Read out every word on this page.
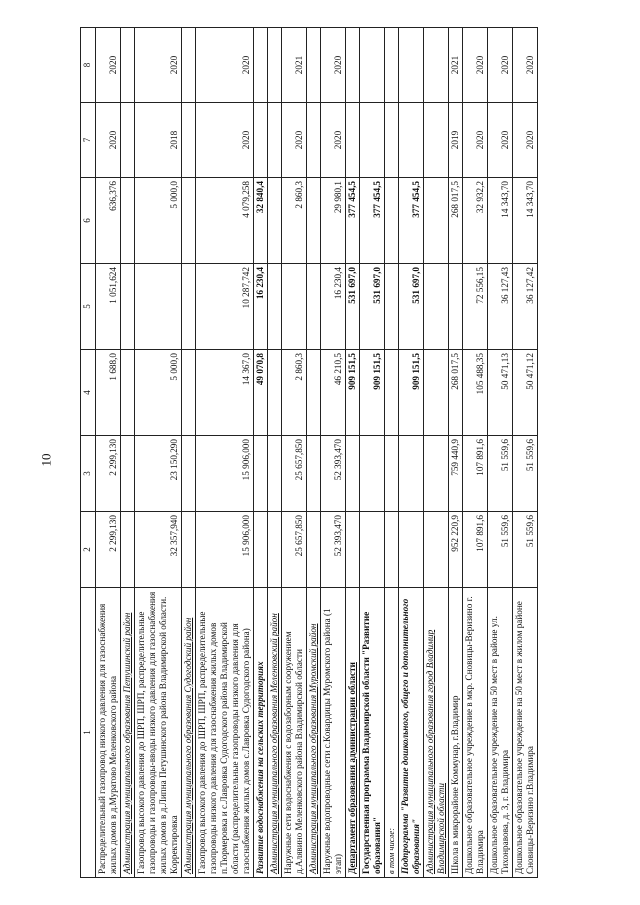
10
1	2	3	4	5	6	7	8
Распределительный газопровод низкого давления для газоснабжения жилых домов в д.Муратово Меленковского района	2 299,130	2 299,130	1 688,0	1 051,624	636,376	2020	2020
Администрация муниципального образования Петушинский район							
Газопровод высокого давления до ШРП, ШРП, распределительные газопроводы и газопроводы-вводы низкого давления для газоснабжения жилых домов в д.Липна Петушинского района Владимирской области. Корректировка	32 357,940	23 150,290	5 000,0		5 000,0	2018	2020
Администрация муниципального образования Судогодский район							
Газопровод высокого давления до ШРП, ШРП, распределительные газопроводы низкого давления для газоснабжения жилых домов п.Тюрмеровка и с.Лавровка Судогодского района Владимирской области (распределительные газопроводы низкого давления для газоснабжения жилых домов с.Лавровка Судогодского района)	15 906,000	15 906,000	14 367,0	10 287,742	4 079,258	2020	2020
Развитие водоснабжения на сельских территориях			49 070,8	16 230,4	32 840,4		
Администрация муниципального образования Меленковский район							
Наружные сети водоснабжения с водозаборным сооружением д.Алявино Меленковского района Владимирской области	25 657,850	25 657,850	2 860,3		2 860,3	2020	2021
Администрация муниципального образования Муромский район							
Наружные водопроводные сети с.Ковардицы Муромского района (1 этап)	52 393,470	52 393,470	46 210,5	16 230,4	29 980,1	2020	2020
Департамент образования администрации области			909 151,5	531 697,0	377 454,5		
Государственная программа Владимирской области "Развитие образования"			909 151,5	531 697,0	377 454,5		
в том числе:							
Подпрограмма "Развитие дошкольного, общего и дополнительного образования"			909 151,5	531 697,0	377 454,5		
Администрация муниципального образования город Владимир Владимирской области							
Школа в микрорайоне Коммунар, г.Владимир	952 220,9	759 440,9	268 017,5		268 017,5	2019	2021
Дошкольное образовательное учреждение в мкр. Сновицы-Веризино г. Владимира	107 891,6	107 891,6	105 488,35	72 556,15	32 932,2	2020	2020
Дошкольное образовательное учреждение на 50 мест в районе ул. Тихонравова, д. 3, г. Владимира	51 559,6	51 559,6	50 471,13	36 127,43	14 343,70	2020	2020
Дошкольное образовательное учреждение на 50 мест в жилом районе Сновицы-Веризино г.Владимира	51 559,6	51 559,6	50 471,12	36 127,42	14 343,70	2020	2020
